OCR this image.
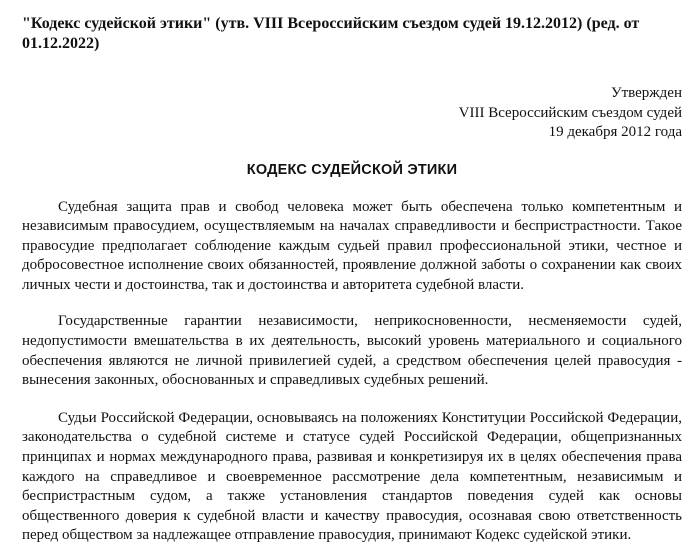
"Кодекс судейской этики" (утв. VIII Всероссийским съездом судей 19.12.2012) (ред. от 01.12.2022)

Утвержден
VIII Всероссийским съездом судей
19 декабря 2012 года
КОДЕКС СУДЕЙСКОЙ ЭТИКИ

Судебная защита прав и свобод человека может быть обеспечена только компетентным и независимым правосудием, осуществляемым на началах справедливости и беспристрастности. Такое правосудие предполагает соблюдение каждым судьей правил профессиональной этики, честное и добросовестное исполнение своих обязанностей, проявление должной заботы о сохранении как своих личных чести и достоинства, так и достоинства и авторитета судебной власти.

Государственные гарантии независимости, неприкосновенности, несменяемости судей, недопустимости вмешательства в их деятельность, высокий уровень материального и социального обеспечения являются не личной привилегией судей, а средством обеспечения целей правосудия - вынесения законных, обоснованных и справедливых судебных решений.

Судьи Российской Федерации, основываясь на положениях Конституции Российской Федерации, законодательства о судебной системе и статусе судей Российской Федерации, общепризнанных принципах и нормах международного права, развивая и конкретизируя их в целях обеспечения права каждого на справедливое и своевременное рассмотрение дела компетентным, независимым и беспристрастным судом, а также установления стандартов поведения судей как основы общественного доверия к судебной власти и качеству правосудия, осознавая свою ответственность перед обществом за надлежащее отправление правосудия, принимают Кодекс судейской этики.
